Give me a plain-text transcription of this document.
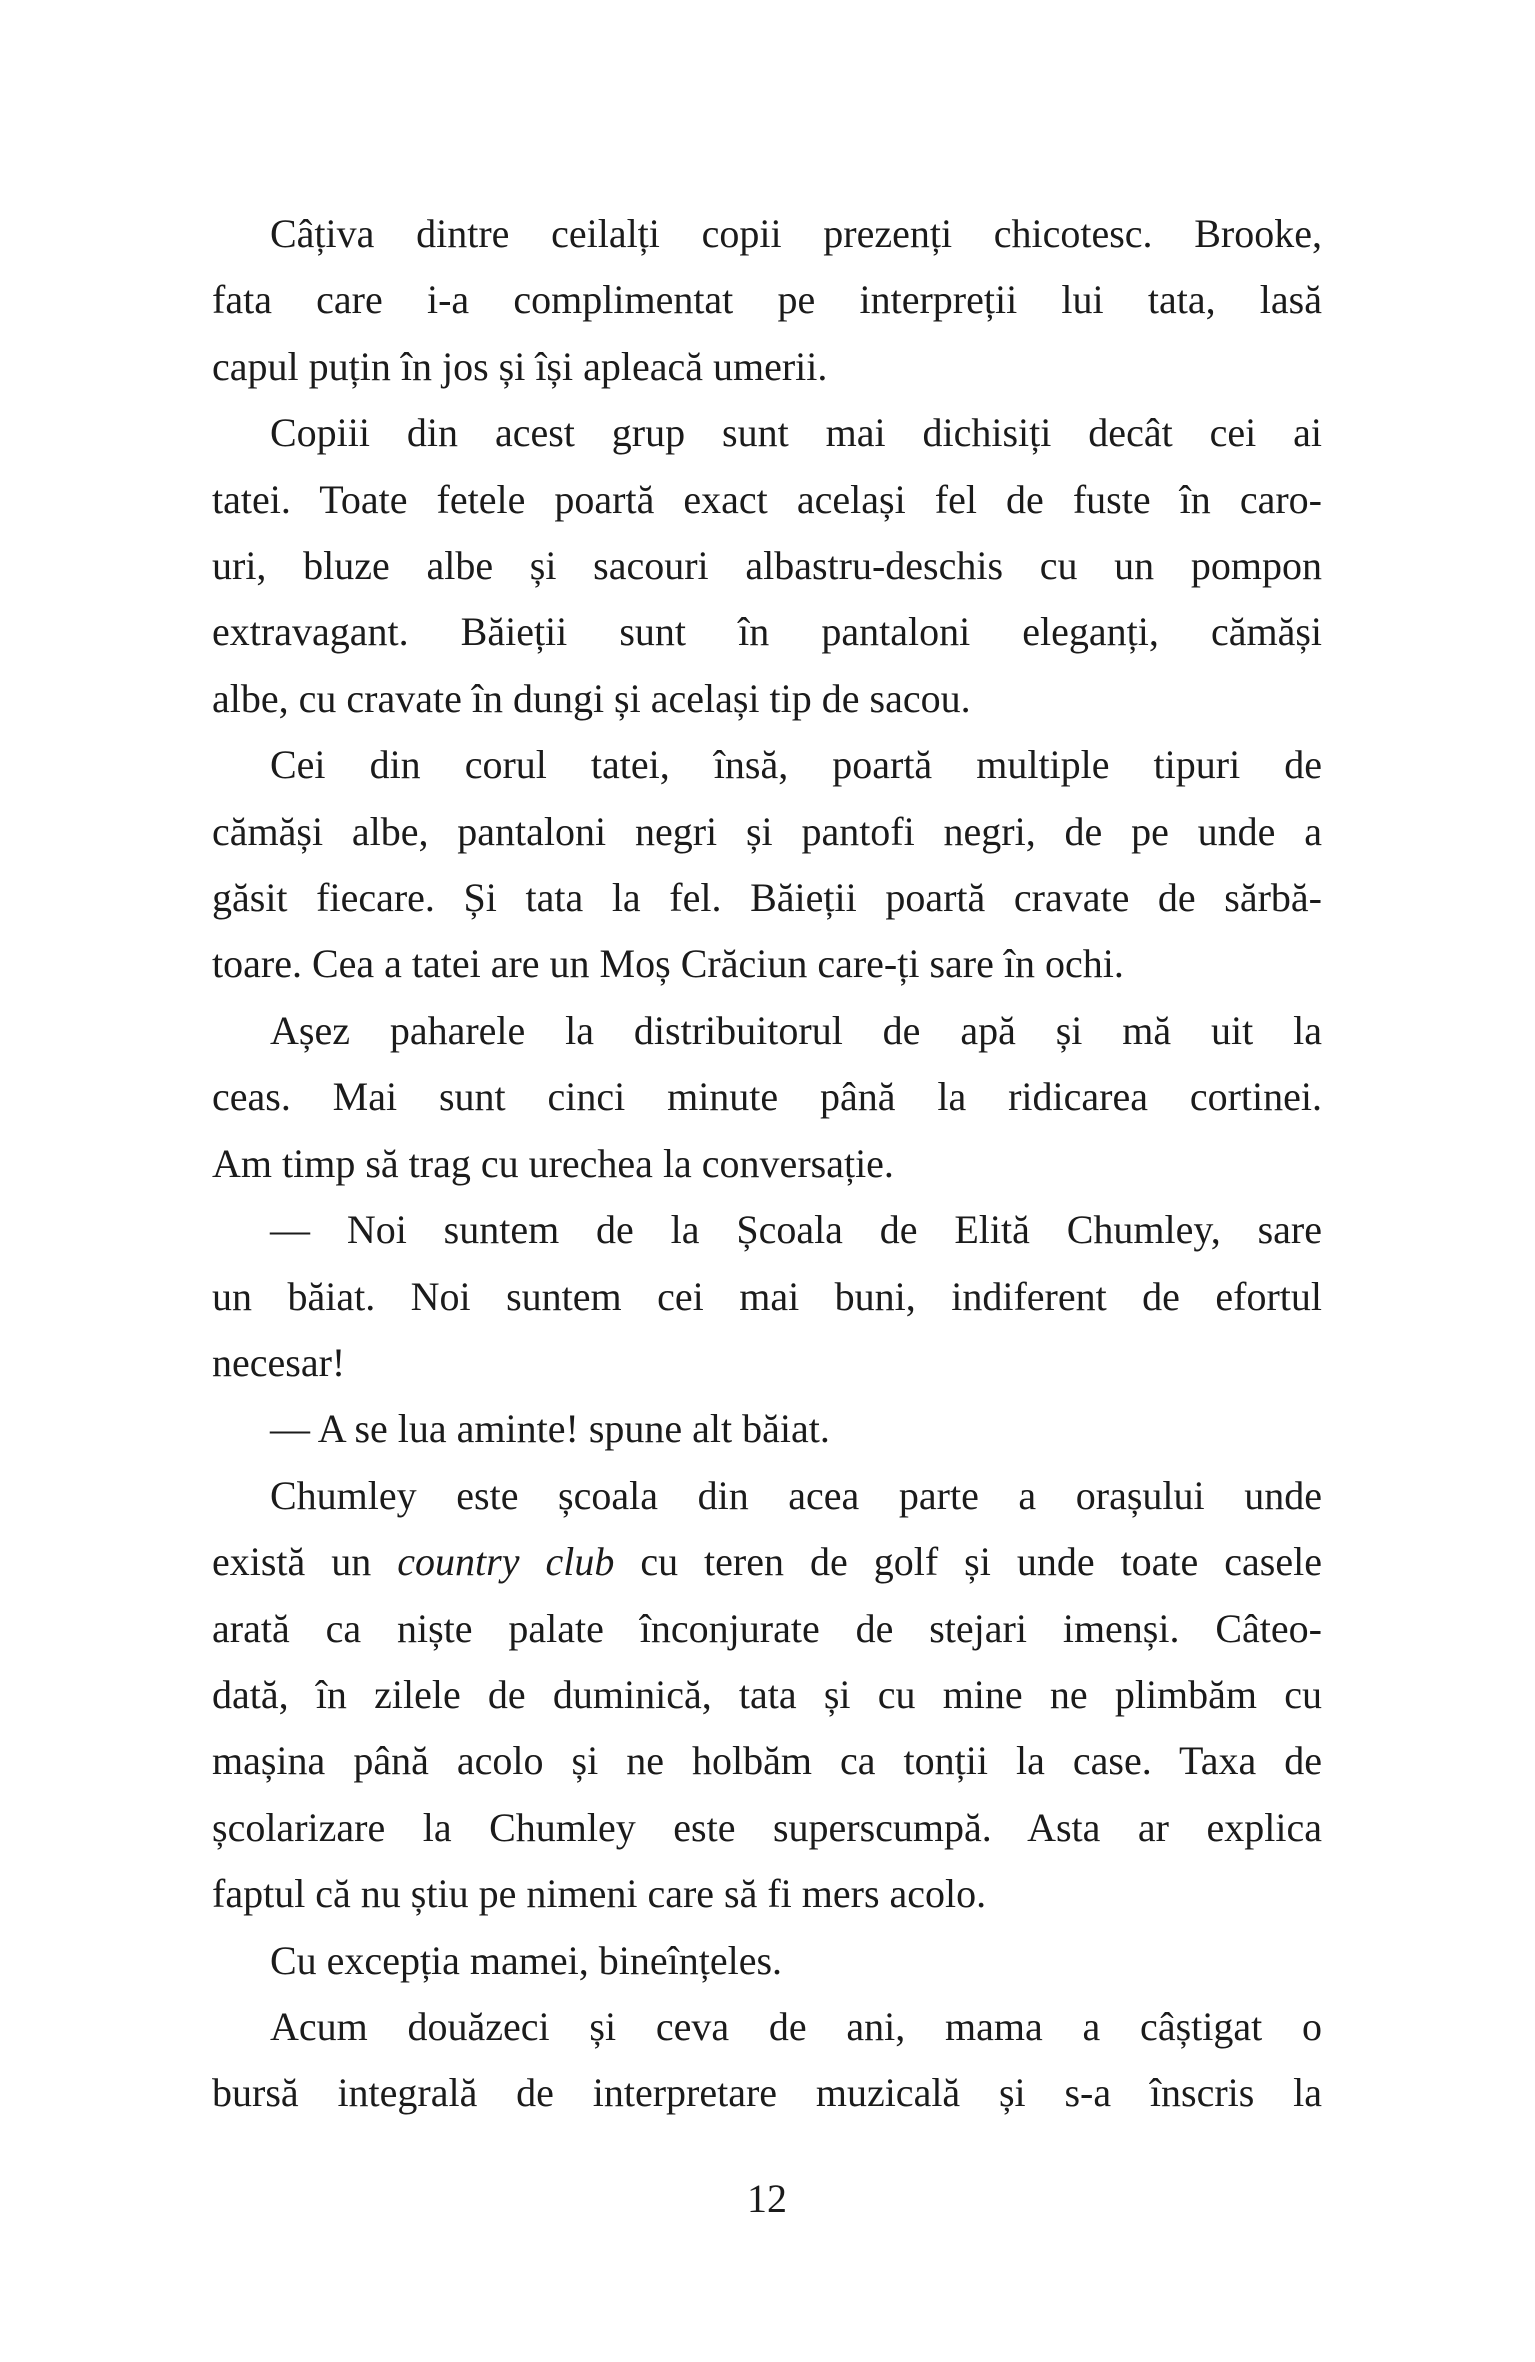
Câțiva dintre ceilalți copii prezenți chicotesc. Brooke,
fata care i-a complimentat pe interpreții lui tata, lasă
capul puțin în jos și își apleacă umerii.
Copiii din acest grup sunt mai dichisiți decât cei ai
tatei. Toate fetele poartă exact același fel de fuste în caro-
uri, bluze albe și sacouri albastru-deschis cu un pompon
extravagant. Băieții sunt în pantaloni eleganți, cămăși
albe, cu cravate în dungi și același tip de sacou.
Cei din corul tatei, însă, poartă multiple tipuri de
cămăși albe, pantaloni negri și pantofi negri, de pe unde a
găsit fiecare. Și tata la fel. Băieții poartă cravate de sărbă-
toare. Cea a tatei are un Moș Crăciun care-ți sare în ochi.
Așez paharele la distribuitorul de apă și mă uit la
ceas. Mai sunt cinci minute până la ridicarea cortinei.
Am timp să trag cu urechea la conversație.
— Noi suntem de la Școala de Elită Chumley, sare
un băiat. Noi suntem cei mai buni, indiferent de efortul
necesar!
— A se lua aminte! spune alt băiat.
Chumley este școala din acea parte a orașului unde
există un country club cu teren de golf și unde toate casele
arată ca niște palate înconjurate de stejari imenși. Câteo-
dată, în zilele de duminică, tata și cu mine ne plimbăm cu
mașina până acolo și ne holbăm ca tonții la case. Taxa de
școlarizare la Chumley este superscumpă. Asta ar explica
faptul că nu știu pe nimeni care să fi mers acolo.
Cu excepția mamei, bineînțeles.
Acum douăzeci și ceva de ani, mama a câștigat o
bursă integrală de interpretare muzicală și s-a înscris la
12
